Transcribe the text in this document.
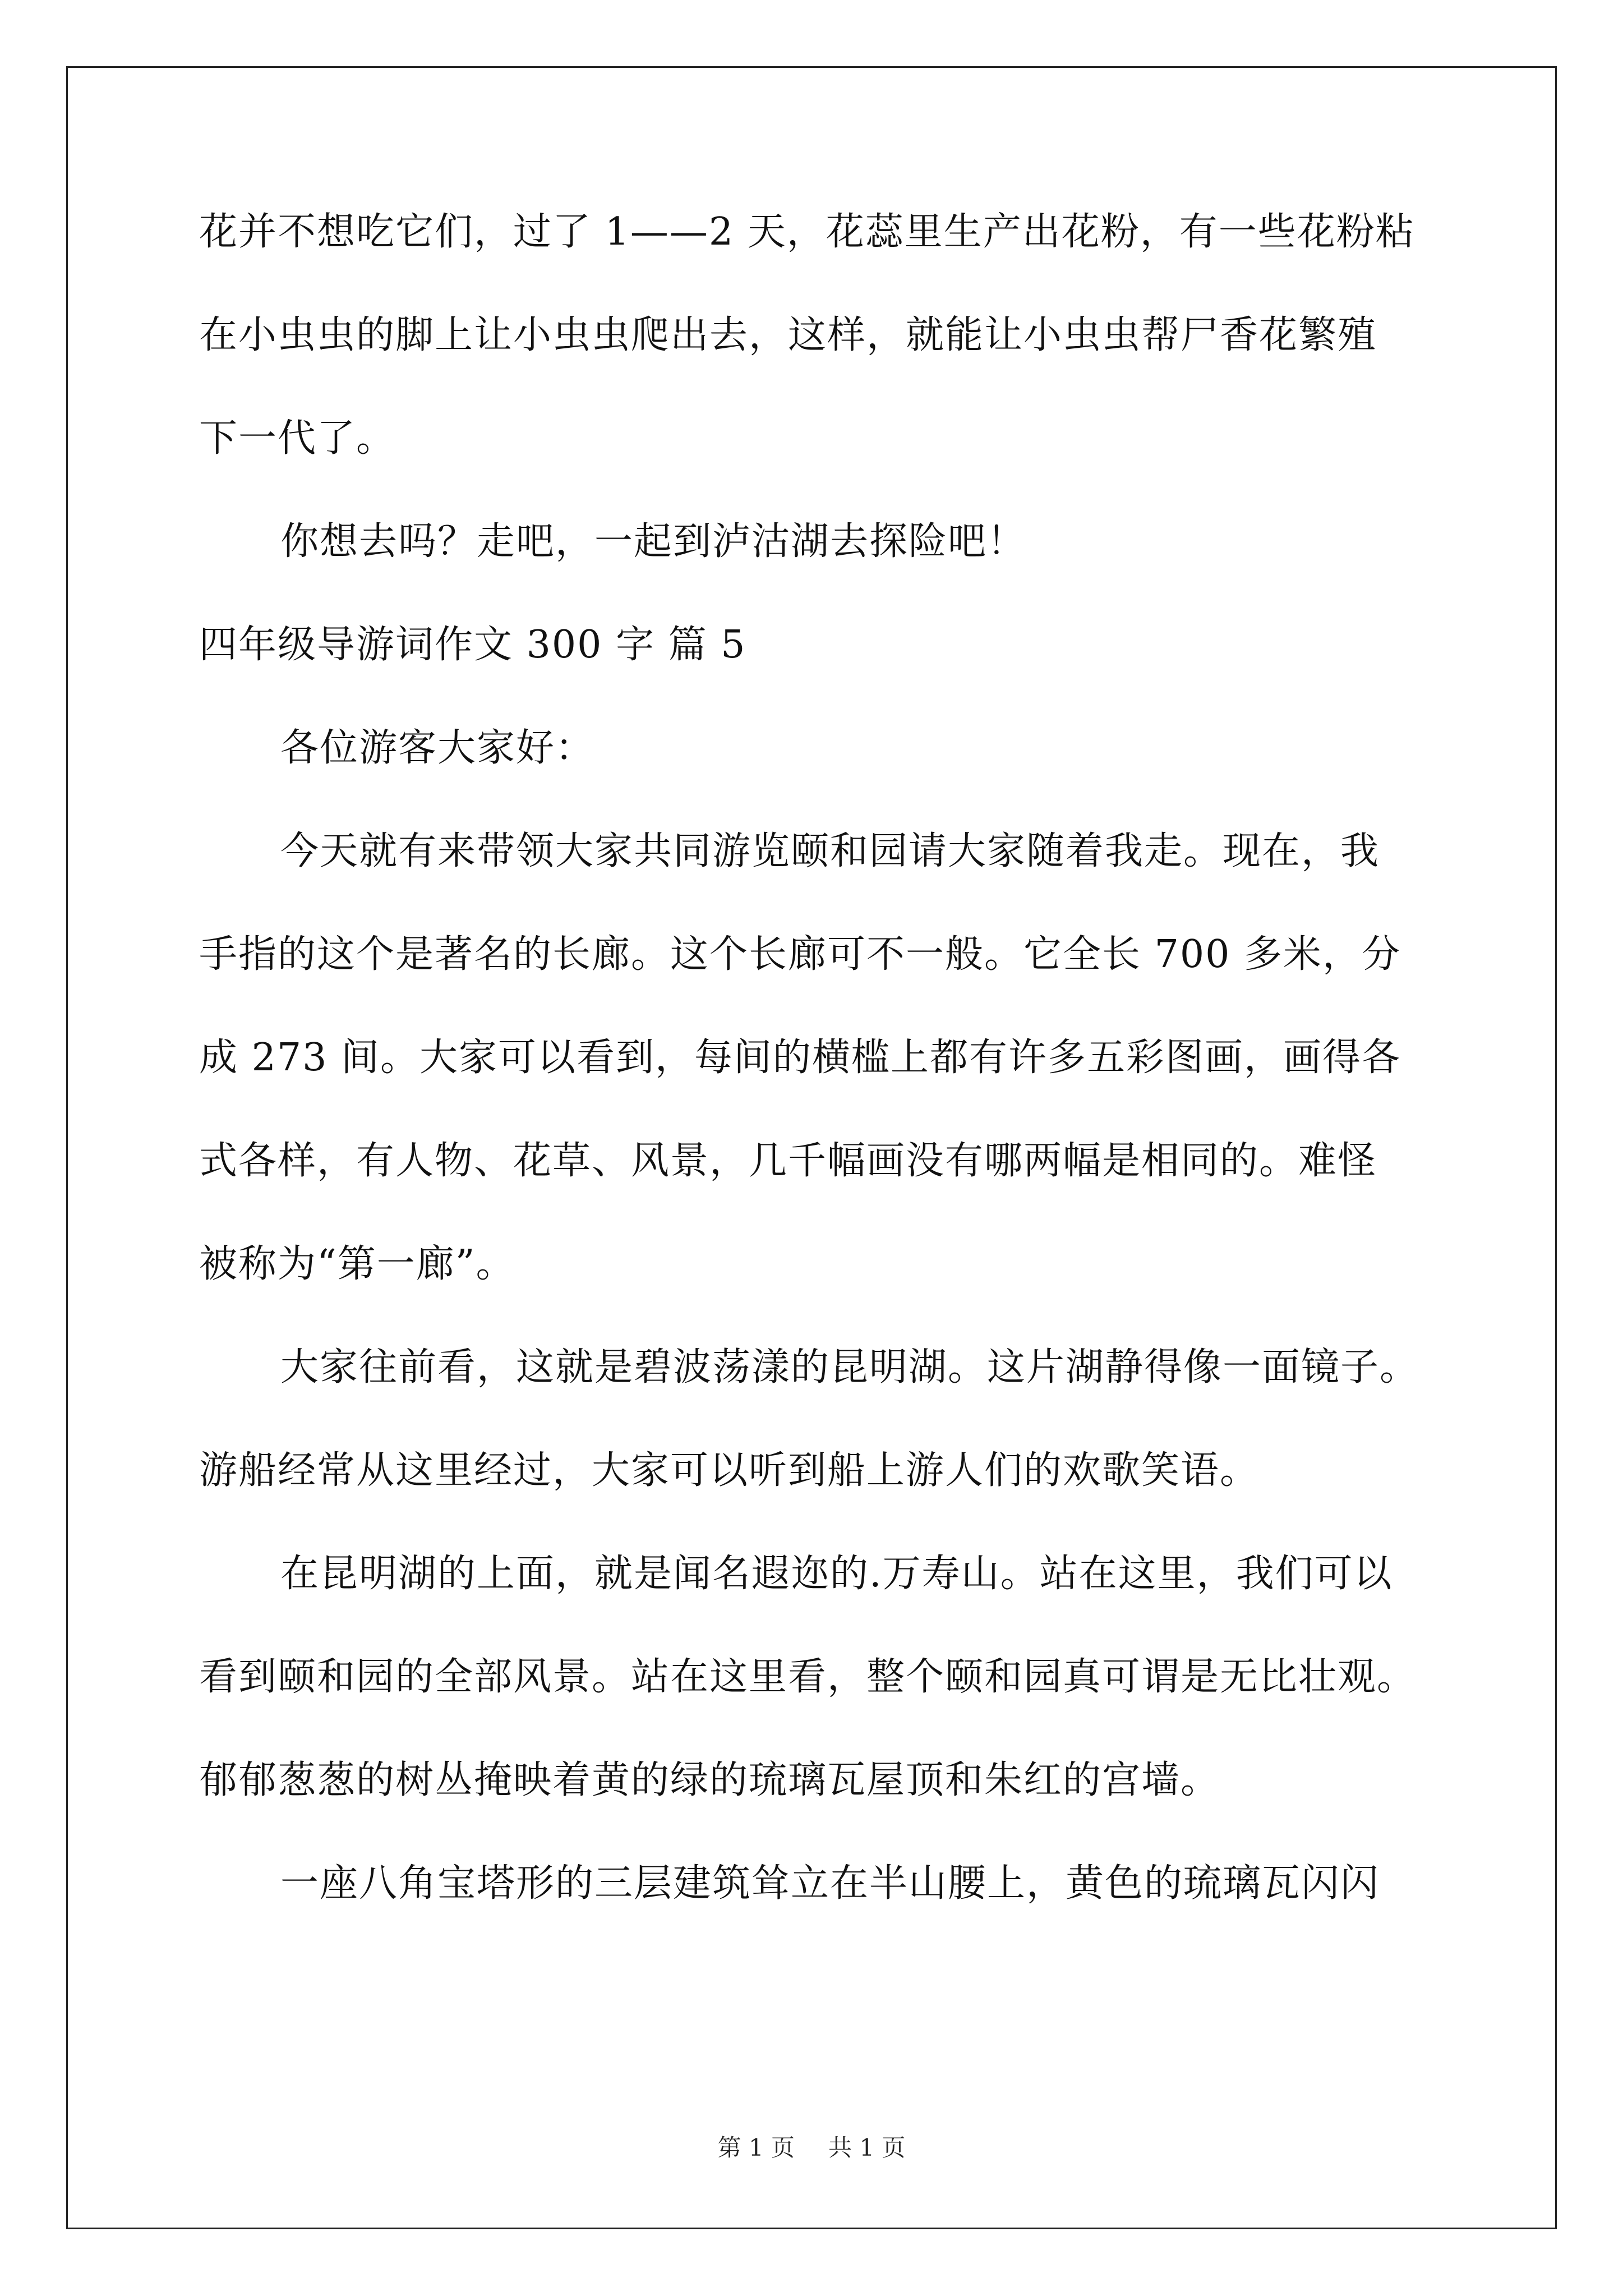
花并不想吃它们，过了 1——2 天，花蕊里生产出花粉，有一些花粉粘
在小虫虫的脚上让小虫虫爬出去，这样，就能让小虫虫帮尸香花繁殖
下一代了。
你想去吗？走吧，一起到泸沽湖去探险吧！
四年级导游词作文 300 字 篇 5
各位游客大家好：
今天就有来带领大家共同游览颐和园请大家随着我走。现在，我
手指的这个是著名的长廊。这个长廊可不一般。它全长 700 多米，分
成 273 间。大家可以看到，每间的横槛上都有许多五彩图画，画得各
式各样，有人物、花草、风景，几千幅画没有哪两幅是相同的。难怪
被称为“第一廊”。
大家往前看，这就是碧波荡漾的昆明湖。这片湖静得像一面镜子。
游船经常从这里经过，大家可以听到船上游人们的欢歌笑语。
在昆明湖的上面，就是闻名遐迩的.万寿山。站在这里，我们可以
看到颐和园的全部风景。站在这里看，整个颐和园真可谓是无比壮观。
郁郁葱葱的树丛掩映着黄的绿的琉璃瓦屋顶和朱红的宫墙。
一座八角宝塔形的三层建筑耸立在半山腰上，黄色的琉璃瓦闪闪
第 1 页 共 1 页
